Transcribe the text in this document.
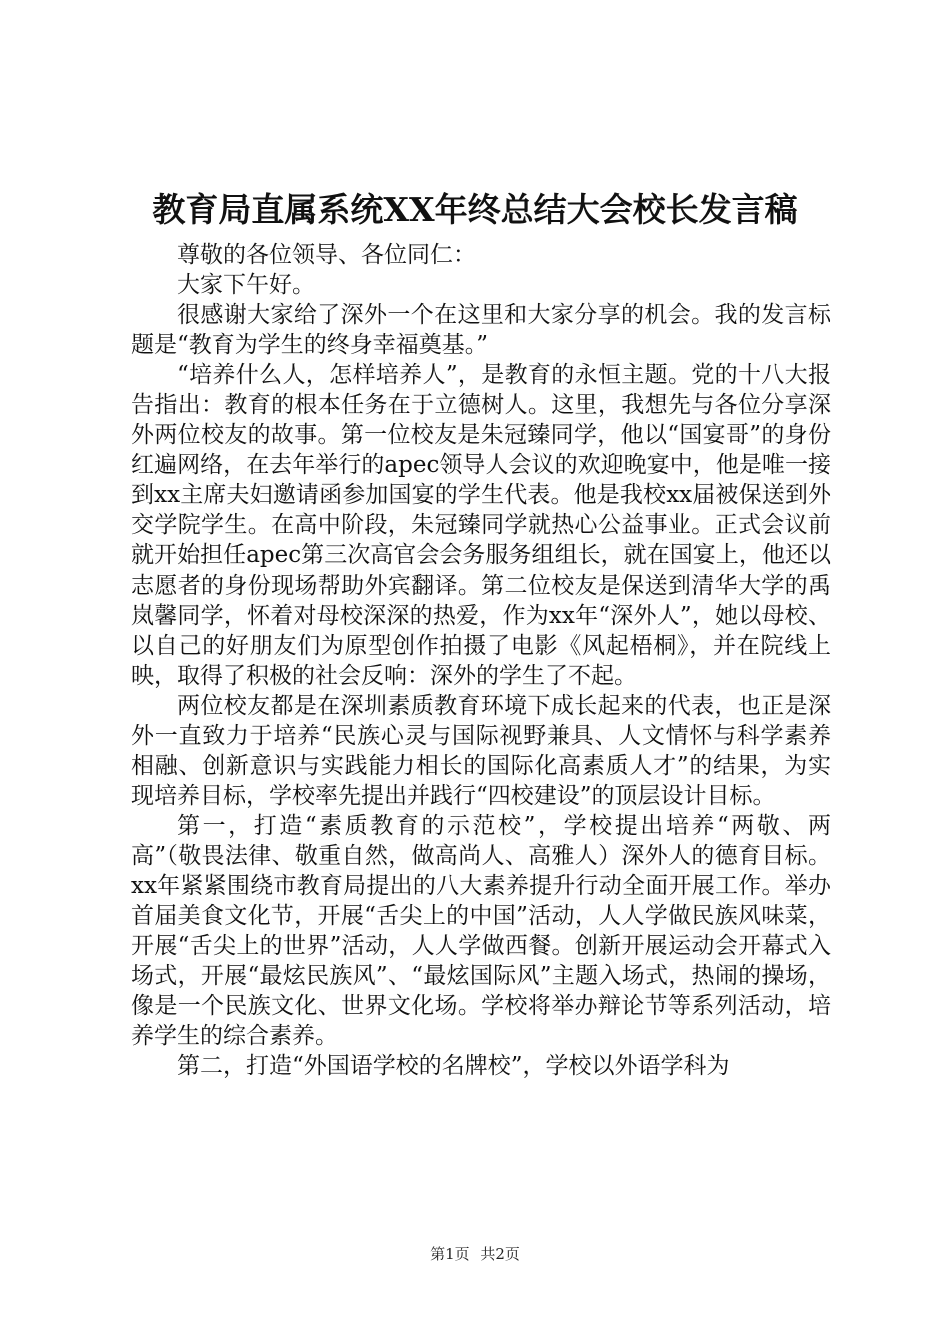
教育局直属系统XX年终总结大会校长发言稿

尊敬的各位领导、各位同仁：

大家下午好。

很感谢大家给了深外一个在这里和大家分享的机会。我的发言标题是“教育为学生的终身幸福奠基。”

“培养什么人，怎样培养人”，是教育的永恒主题。党的十八大报告指出：教育的根本任务在于立德树人。这里，我想先与各位分享深外两位校友的故事。第一位校友是朱冠臻同学，他以“国宴哥”的身份红遍网络，在去年举行的apec领导人会议的欢迎晚宴中，他是唯一接到xx主席夫妇邀请函参加国宴的学生代表。他是我校xx届被保送到外交学院学生。在高中阶段，朱冠臻同学就热心公益事业。正式会议前就开始担任apec第三次高官会会务服务组组长，就在国宴上，他还以志愿者的身份现场帮助外宾翻译。第二位校友是保送到清华大学的禹岚馨同学，怀着对母校深深的热爱，作为xx年“深外人”，她以母校、以自己的好朋友们为原型创作拍摄了电影《风起梧桐》，并在院线上映，取得了积极的社会反响：深外的学生了不起。

两位校友都是在深圳素质教育环境下成长起来的代表，也正是深外一直致力于培养“民族心灵与国际视野兼具、人文情怀与科学素养相融、创新意识与实践能力相长的国际化高素质人才”的结果，为实现培养目标，学校率先提出并践行“四校建设”的顶层设计目标。

第一，打造“素质教育的示范校”，学校提出培养“两敬、两高”（敬畏法律、敬重自然，做高尚人、高雅人）深外人的德育目标。xx年紧紧围绕市教育局提出的八大素养提升行动全面开展工作。举办首届美食文化节，开展“舌尖上的中国”活动，人人学做民族风味菜，开展“舌尖上的世界”活动，人人学做西餐。创新开展运动会开幕式入场式，开展“最炫民族风”、“最炫国际风”主题入场式，热闹的操场，像是一个民族文化、世界文化场。学校将举办辩论节等系列活动，培养学生的综合素养。

第二，打造“外国语学校的名牌校”，学校以外语学科为

第1页 共2页
